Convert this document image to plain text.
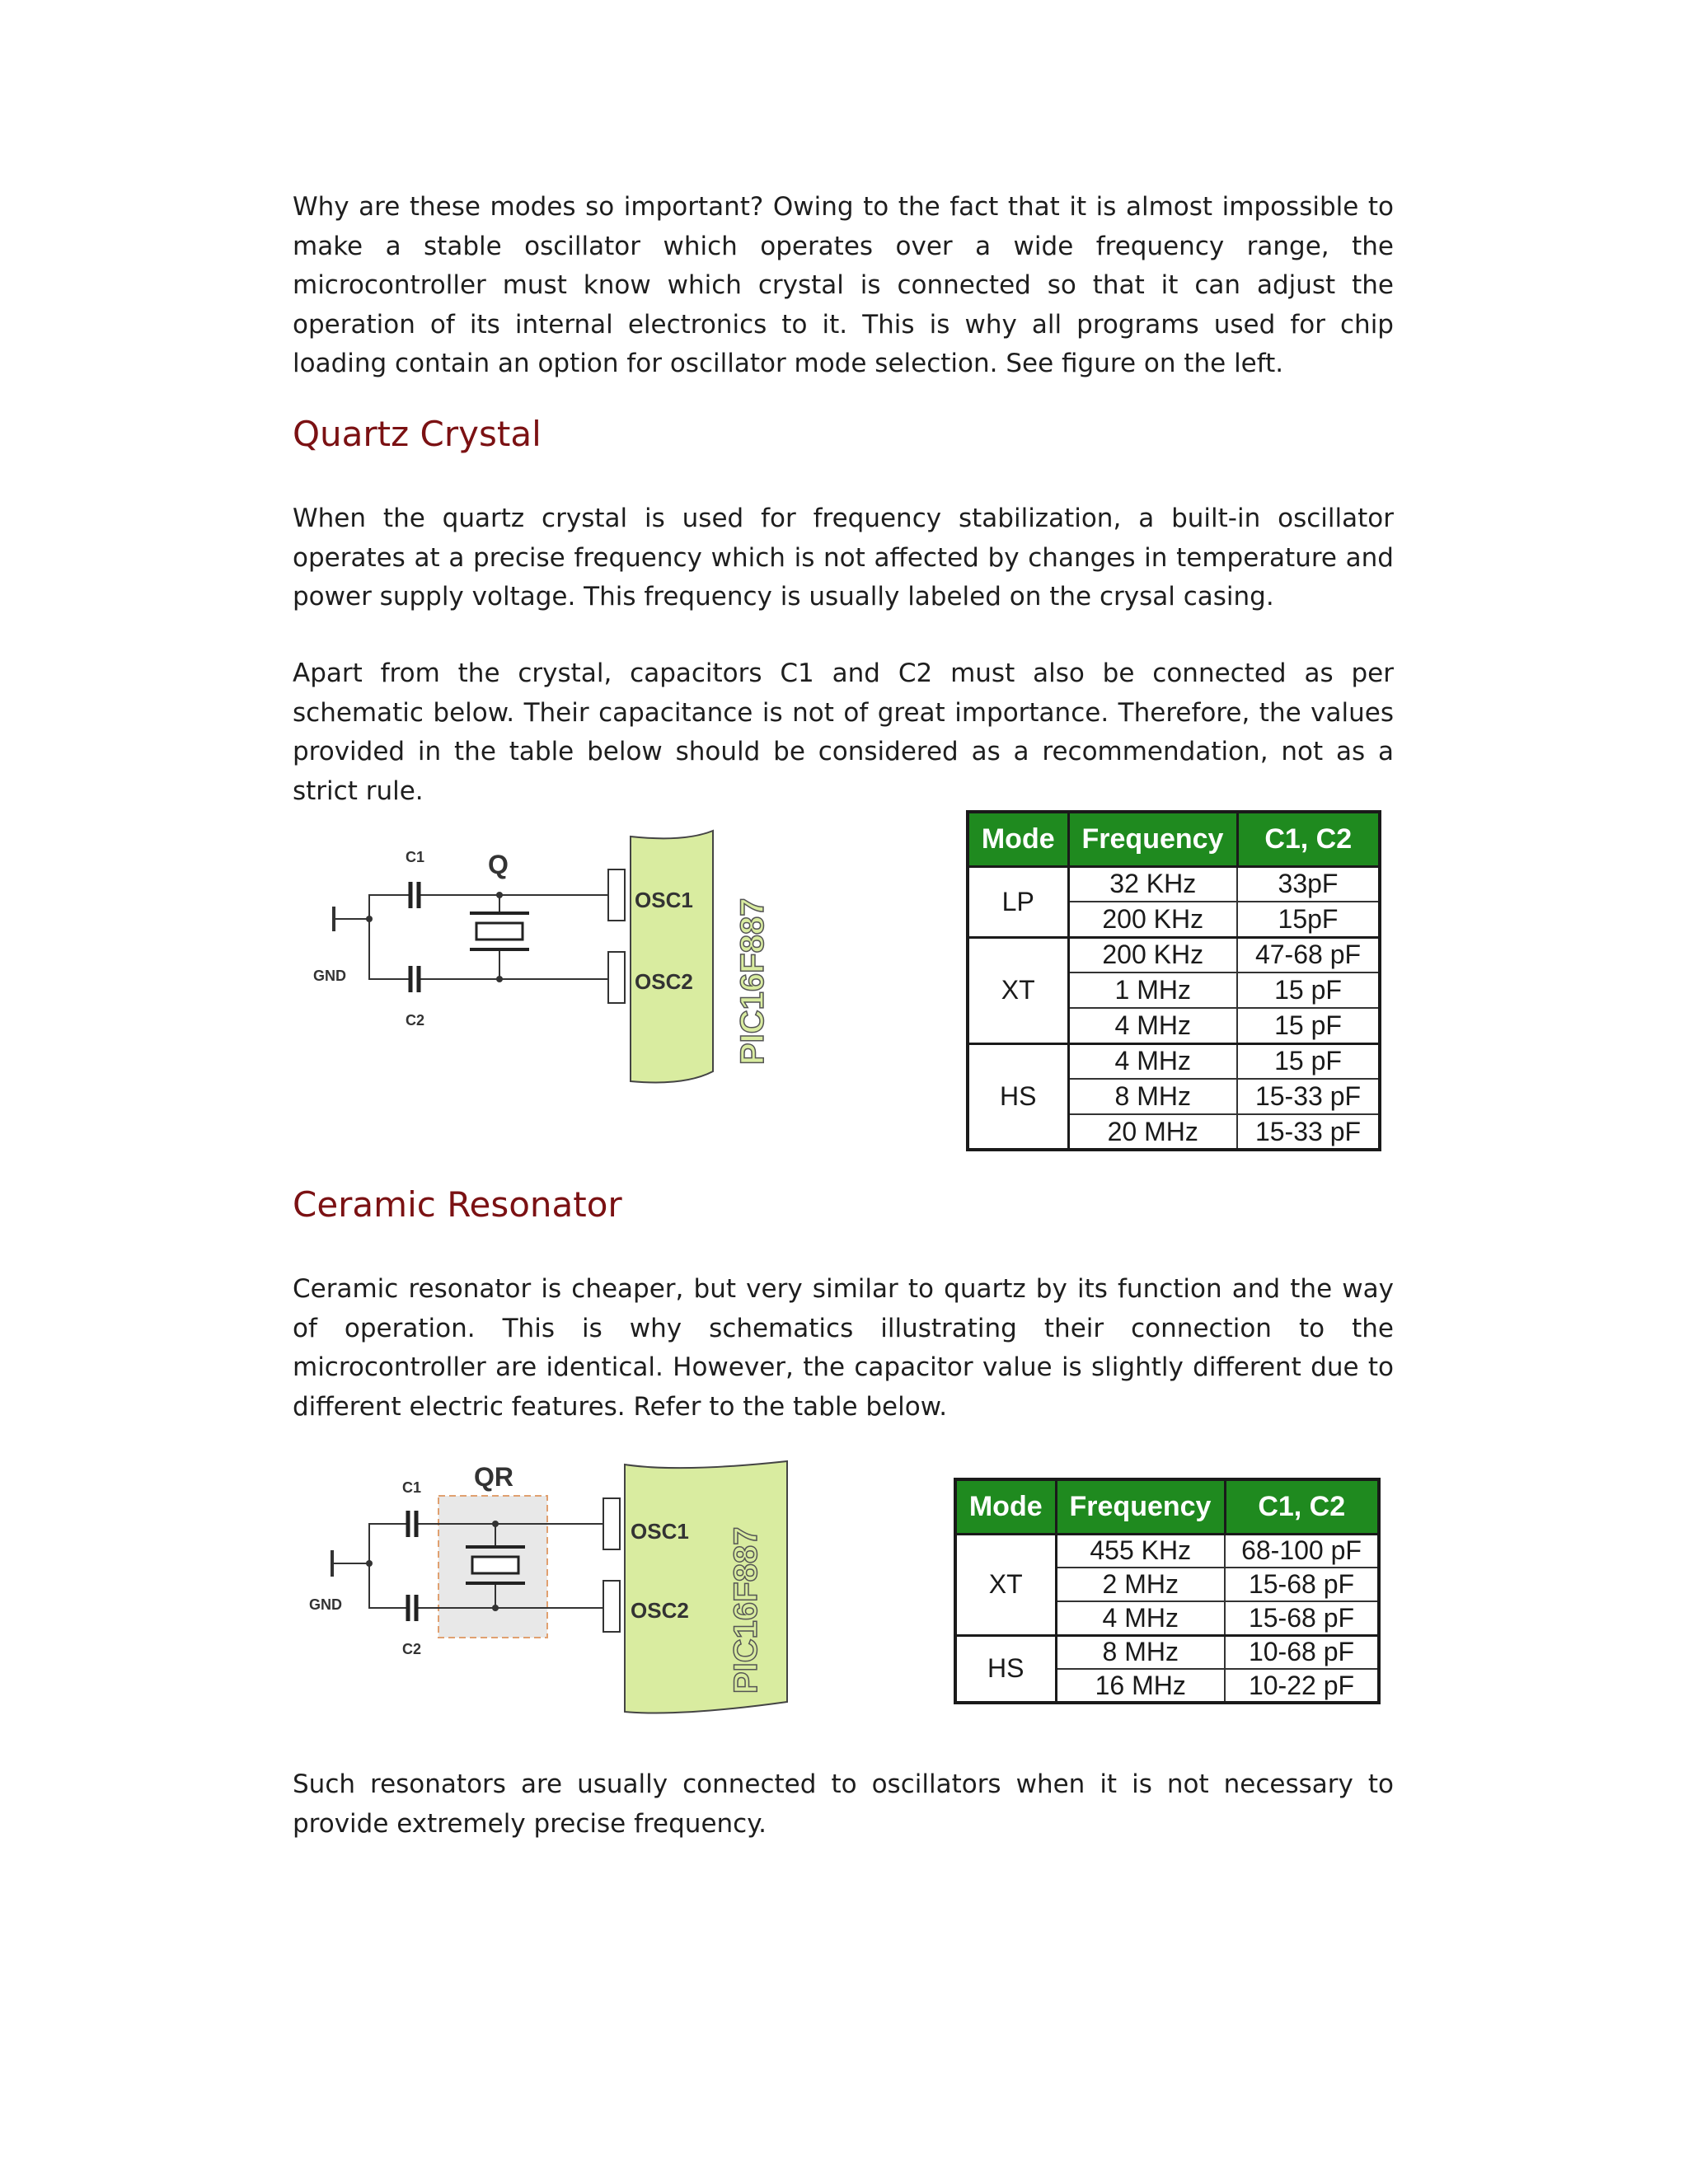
Why are these modes so important? Owing to the fact that it is almost impossible to make a stable oscillator which operates over a wide frequency range, the microcontroller must know which crystal is connected so that it can adjust the operation of its internal electronics to it. This is why all programs used for chip loading contain an option for oscillator mode selection. See figure on the left.

Quartz Crystal

When the quartz crystal is used for frequency stabilization, a built-in oscillator operates at a precise frequency which is not affected by changes in temperature and power supply voltage. This frequency is usually labeled on the crysal casing.

Apart from the crystal, capacitors C1 and C2 must also be connected as per schematic below. Their capacitance is not of great importance. Therefore, the values provided in the table below should be considered as a recommendation, not as a strict rule.

C1
C2
GND
Q
OSC1
OSC2 PIC16F887
Mode	Frequency	C1, C2
LP	32 KHz	33pF
	200 KHz	15pF
XT	200 KHz	47-68 pF
	1 MHz	15 pF
	4 MHz	15 pF
HS	4 MHz	15 pF
	8 MHz	15-33 pF
	20 MHz	15-33 pF
Ceramic Resonator

Ceramic resonator is cheaper, but very similar to quartz by its function and the way of operation. This is why schematics illustrating their connection to the microcontroller are identical. However, the capacitor value is slightly different due to different electric features. Refer to the table below.

C1
C2
GND
QR
OSC1
OSC2 PIC16F887
Mode	Frequency	C1, C2
XT	455 KHz	68-100 pF
	2 MHz	15-68 pF
	4 MHz	15-68 pF
HS	8 MHz	10-68 pF
	16 MHz	10-22 pF

Such resonators are usually connected to oscillators when it is not necessary to provide extremely precise frequency.
